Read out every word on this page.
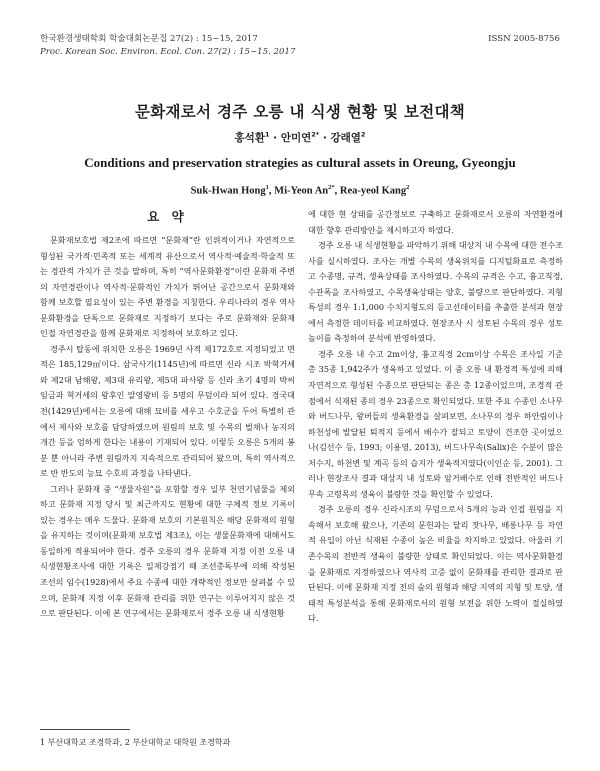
한국환경생태학회 학술대회논문집 27(2) : 15~15, 2017
Proc. Korean Soc. Environ. Ecol. Con. 27(2) : 15~15. 2017
ISSN 2005-8756
문화재로서 경주 오릉 내 식생 현황 및 보전대책
홍석환$^1$ · 안미연$^{2*}$ · 강래열$^2$
Conditions and preservation strategies as cultural assets in Oreung, Gyeongju
Suk-Hwan Hong$^1$, Mi-Yeon $An^{2*}$, Rea-yeol Kang$^2$
요 약

문화재보호법 제2조에 따르면 “문화재”란 인위적이거나 자연적으로 형성된 국가적·민족적 또는 세계적 유산으로서 역사적·예술적·학술적 또는 경관적 가치가 큰 것을 말하며, 특히 “역사문화환경”이란 문화재 주변의 자연경관이나 역사적·문화적인 가치가 뛰어난 공간으로서 문화재와 함께 보호할 필요성이 있는 주변 환경을 지칭한다. 우리나라의 경우 역사문화환경을 단독으로 문화재로 지정하기 보다는 주로 문화재와 문화재 인접 자연경관을 함께 문화재로 지정하여 보호하고 있다.

경주시 탑동에 위치한 오릉은 1969년 사적 제172호로 지정되었고 면적은 185,129㎡이다. 삼국사기(1145년)에 따르면 신라 시조 박혁거세와 제2대 남해왕, 제3대 유리왕, 제5대 파사왕 등 신라 초기 4명의 박씨 임금과 혁거세의 왕후인 알영왕비 등 5명의 무덤이라 되어 있다. 경국대전(1429년)에서는 오릉에 대해 묘비를 세우고 수호군을 두어 특별히 관에서 제사와 보호를 담당하였으며 원림의 보호 및 수목의 벌채나 농지의 개간 등을 엄하게 한다는 내용이 기재되어 있다. 이렇듯 오릉은 5개의 봉분 뿐 아니라 주변 원림까지 지속적으로 관리되어 왔으며, 특히 역사적으로 반 반도의 능묘 수호의 과정을 나타낸다.

그러나 문화재 중 “생물자원”을 포함할 경우 일부 천연기념물을 제외하고 문화재 지정 당시 및 최근까지도 현황에 대한 구체적 정보 기록이 있는 경우는 매우 드물다. 문화재 보호의 기본원칙은 해당 문화재의 원형을 유지하는 것이며(문화재 보호법 제3조), 이는 생물문화재에 대해서도 동일하게 적용되어야 한다. 경주 오릉의 경우 문화재 지정 이전 오릉 내 식생현황조사에 대한 기록은 일제강점기 때 조선총독부에 의해 작성된 조선의 임수(1928)에서 주요 수종에 대한 개략적인 정보만 살펴볼 수 있으며, 문화재 지정 이후 문화재 관리를 위한 연구는 이루어지지 않은 것으로 판단된다. 이에 본 연구에서는 문화재로서 경주 오릉 내 식생현황

에 대한 현 상태를 공간정보로 구축하고 문화재로서 오릉의 자연환경에 대한 향후 관리방안을 제시하고자 하였다.

경주 오릉 내 식생현황을 파악하기 위해 대상지 내 수목에 대한 전수조사를 실시하였다. 조사는 개별 수목의 생육위치를 디지털화표로 측정하고 수종명, 규격, 생육상태를 조사하였다. 수목의 규격은 수고, 흉고직경, 수관폭을 조사하였고, 수목생육상태는 양호, 불량으로 판단하였다. 지형특성의 경우 1:1,000 수치지형도의 등고선데이터를 추출한 분석과 현장에서 측정한 데이터를 비교하였다. 현장조사 시 성토된 수목의 경우 성토 높이를 측정하여 분석에 반영하였다.

경주 오릉 내 수고 2m이상, 흉고직경 2cm이상 수목은 조사일 기준 총 35종 1,942주가 생육하고 있었다. 이 중 오릉 내 환경적 특성에 의해 자연적으로 형성된 수종으로 판단되는 종은 총 12종이었으며, 조경적 관점에서 식재된 종의 경우 23종으로 확인되었다. 또한 주요 수종인 소나무와 버드나무, 왕버들의 생육환경을 살펴보면, 소나무의 경우 하안림이나 하천성에 발달된 퇴적지 등에서 배수가 잘되고 토양이 건조한 곳이었으나(김선수 등, 1993; 이용영, 2013), 버드나무속(Salix)은 수분이 많은 저수지, 하천변 및 계곡 등의 습지가 생육적지였다(이인순 등, 2001). 그러나 현장조사 결과 대상지 내 성토와 암거배수로 인해 전반적인 버드나무속 고령목의 생육이 불량한 것을 확인할 수 있었다.

경주 오릉의 경우 신라시조의 무덤으로서 5개의 능과 인접 원림을 지속해서 보호해 왔으나, 기존의 문헌과는 달리 잣나무, 배롱나무 등 자연적 유입이 아닌 식재된 수종이 높은 비율을 차지하고 있었다. 아울러 기존수목의 전반적 생육이 불량한 상태로 확인되었다. 이는 역사문화환경을 문화재로 지정하였으나 역사적 고증 없이 문화재를 관리한 결과로 판단된다. 이에 문화재 지정 전의 숲의 원형과 해당 지역의 지형 및 토양, 생태적 특성분석을 통해 문화재로서의 원형 보전을 위한 노력이 절실하였다.

1 부산대학교 조경학과, 2 부산대학교 대학원 조경학과
